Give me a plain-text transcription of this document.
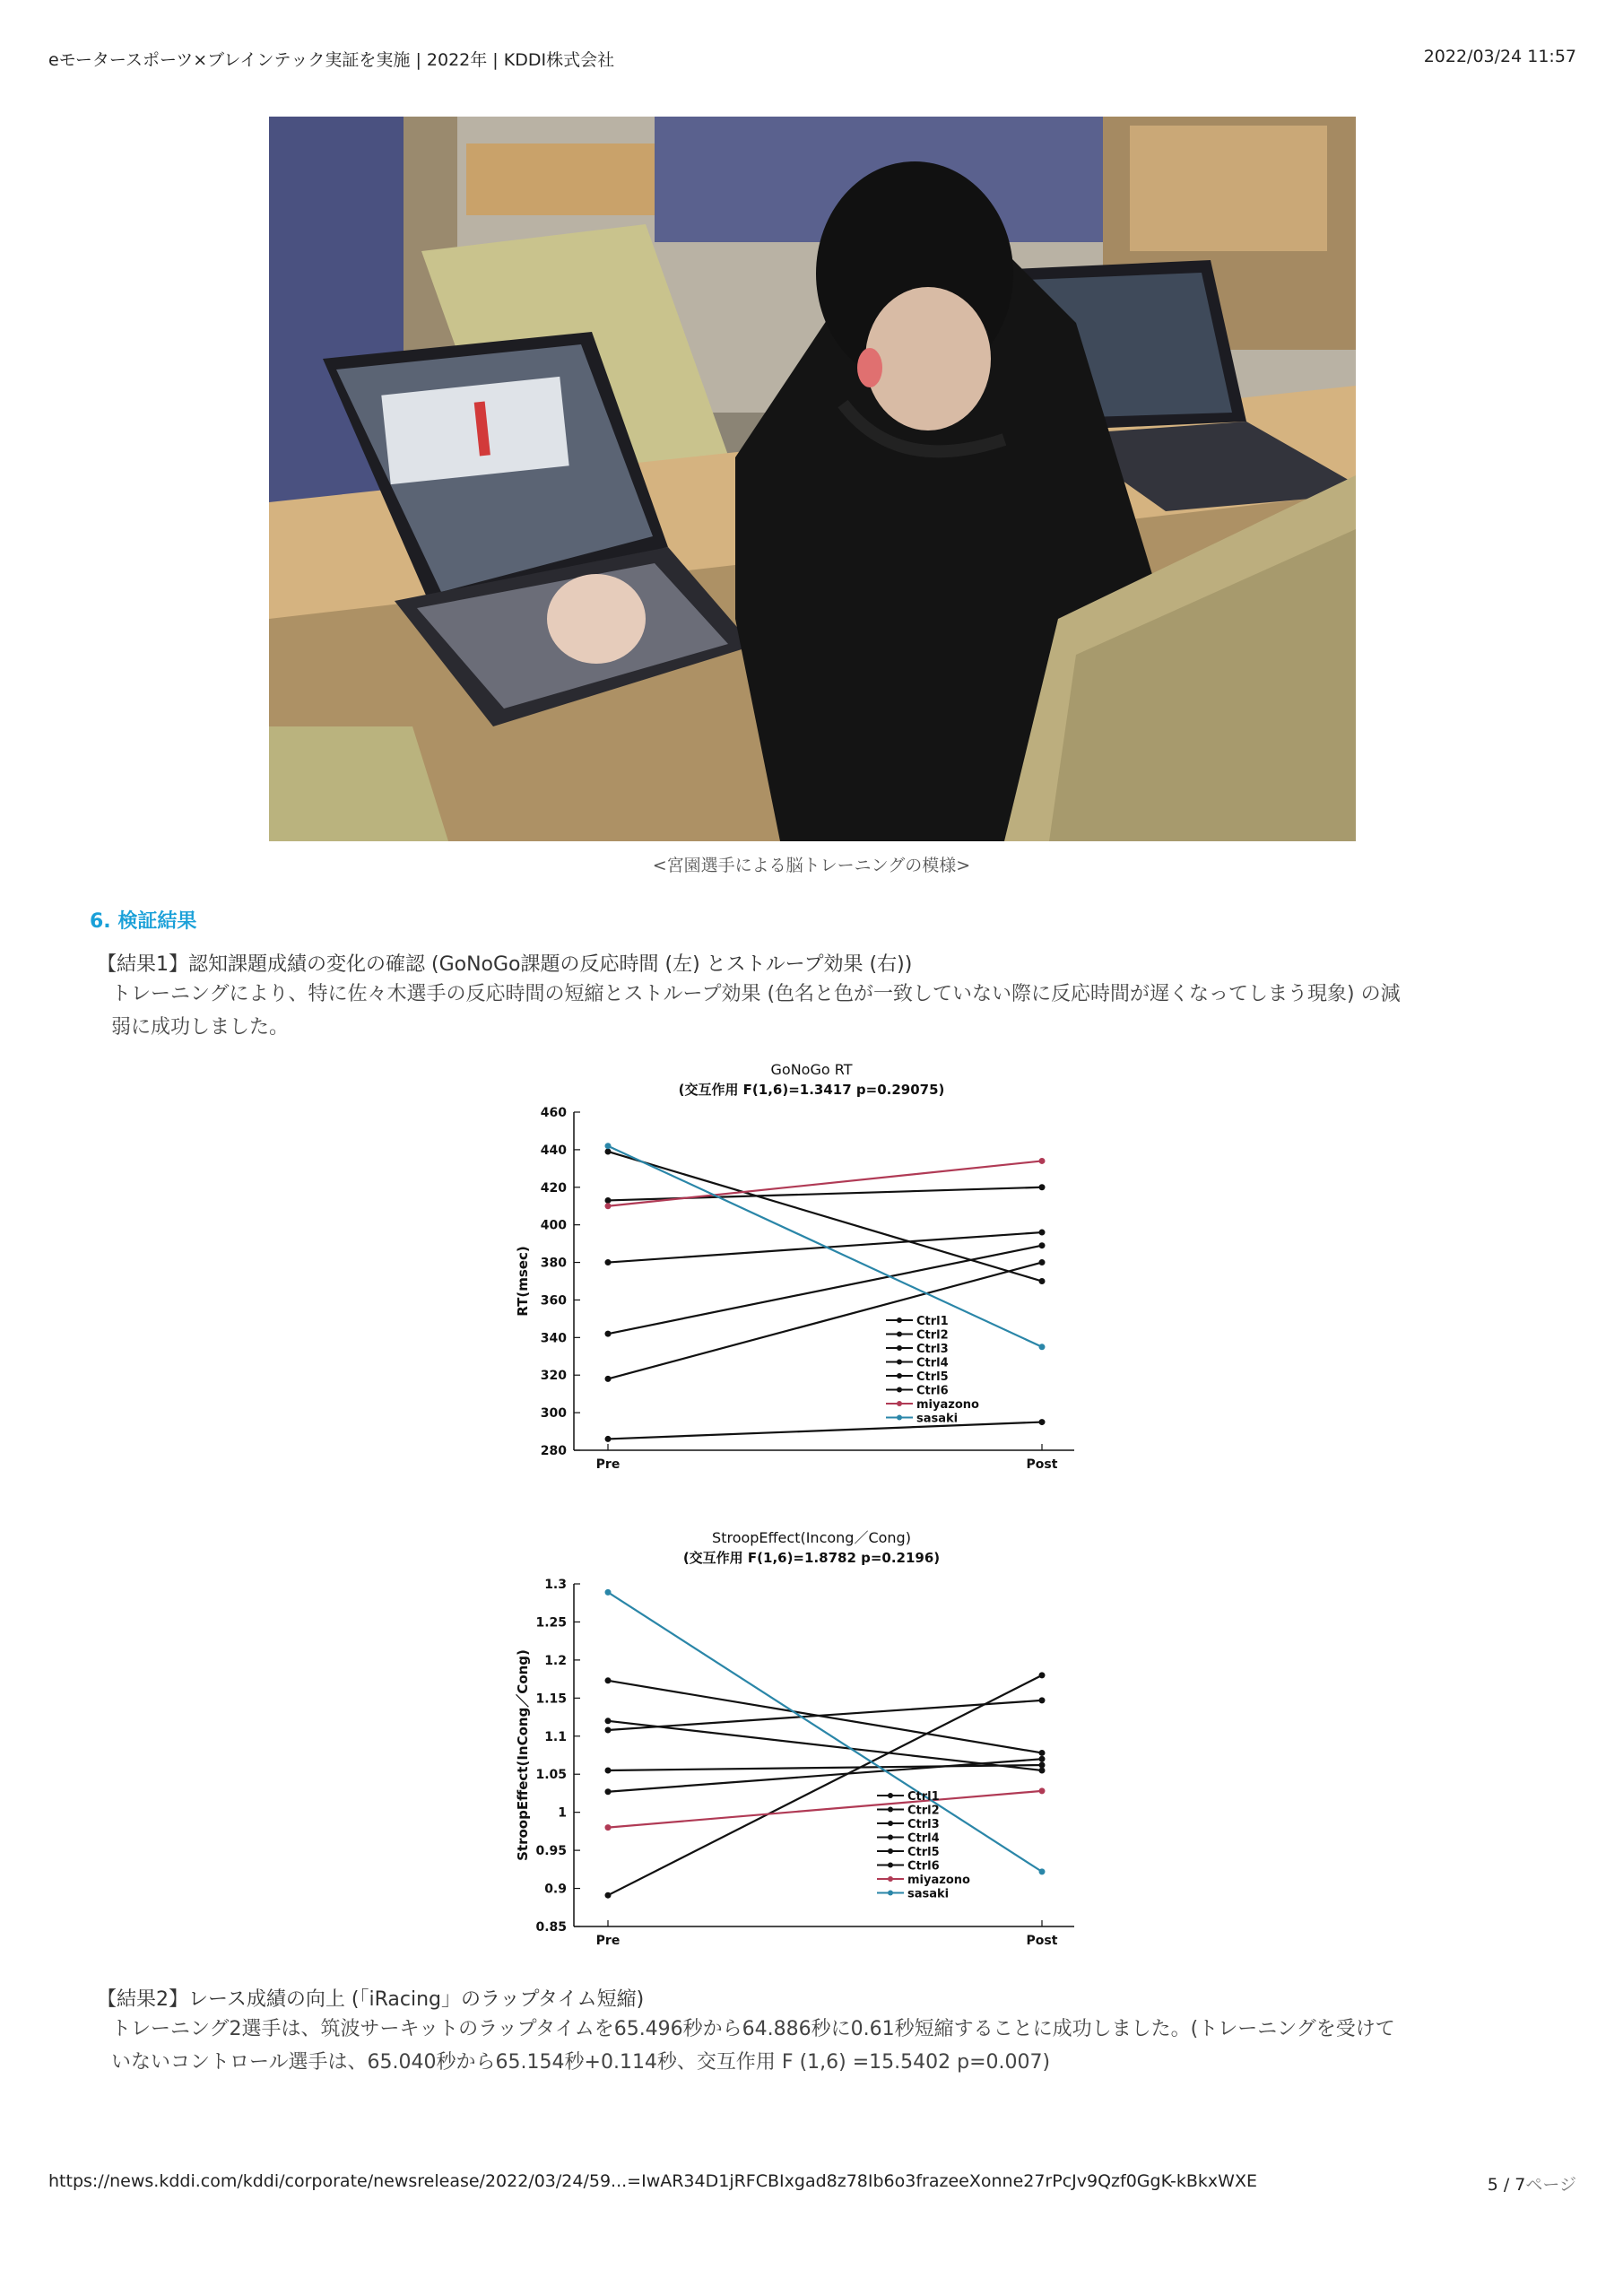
eモータースポーツ×ブレインテック実証を実施 | 2022年 | KDDI株式会社	2022/03/24 11:57
<宮園選手による脳トレーニングの模様>
6. 検証結果
【結果1】認知課題成績の変化の確認 (GoNoGo課題の反応時間 (左) とストループ効果 (右))
トレーニングにより、特に佐々木選手の反応時間の短縮とストループ効果 (色名と色が一致していない際に反応時間が遅くなってしまう現象) の減
弱に成功しました。
GoNoGo RT
(交互作用 F(1,6)=1.3417 p=0.29075)
460
440
420
400
380
360
340
320
300
280
Pre	Post
RT(msec)
Ctrl1
Ctrl2
Ctrl3
Ctrl4
Ctrl5
Ctrl6
miyazono
sasaki
StroopEffect(Incong／Cong)
(交互作用 F(1,6)=1.8782 p=0.2196)
1.3
1.25
1.2
1.15
1.1
1.05
1
0.95
0.9
0.85
Pre	Post
StroopEffect(InCong／Cong)	Ctrl1
Ctrl2
Ctrl3
Ctrl4
Ctrl5
Ctrl6
miyazono
sasaki
【結果2】レース成績の向上 (「iRacing」のラップタイム短縮)
トレーニング2選手は、筑波サーキットのラップタイムを65.496秒から64.886秒に0.61秒短縮することに成功しました。(トレーニングを受けて
いないコントロール選手は、65.040秒から65.154秒+0.114秒、交互作用 F (1,6) =15.5402 p=0.007)
https://news.kddi.com/kddi/corporate/newsrelease/2022/03/24/59...=IwAR34D1jRFCBIxgad8z78Ib6o3frazeeXonne27rPcJv9Qzf0GgK-kBkxWXE	5 / 7ページ
